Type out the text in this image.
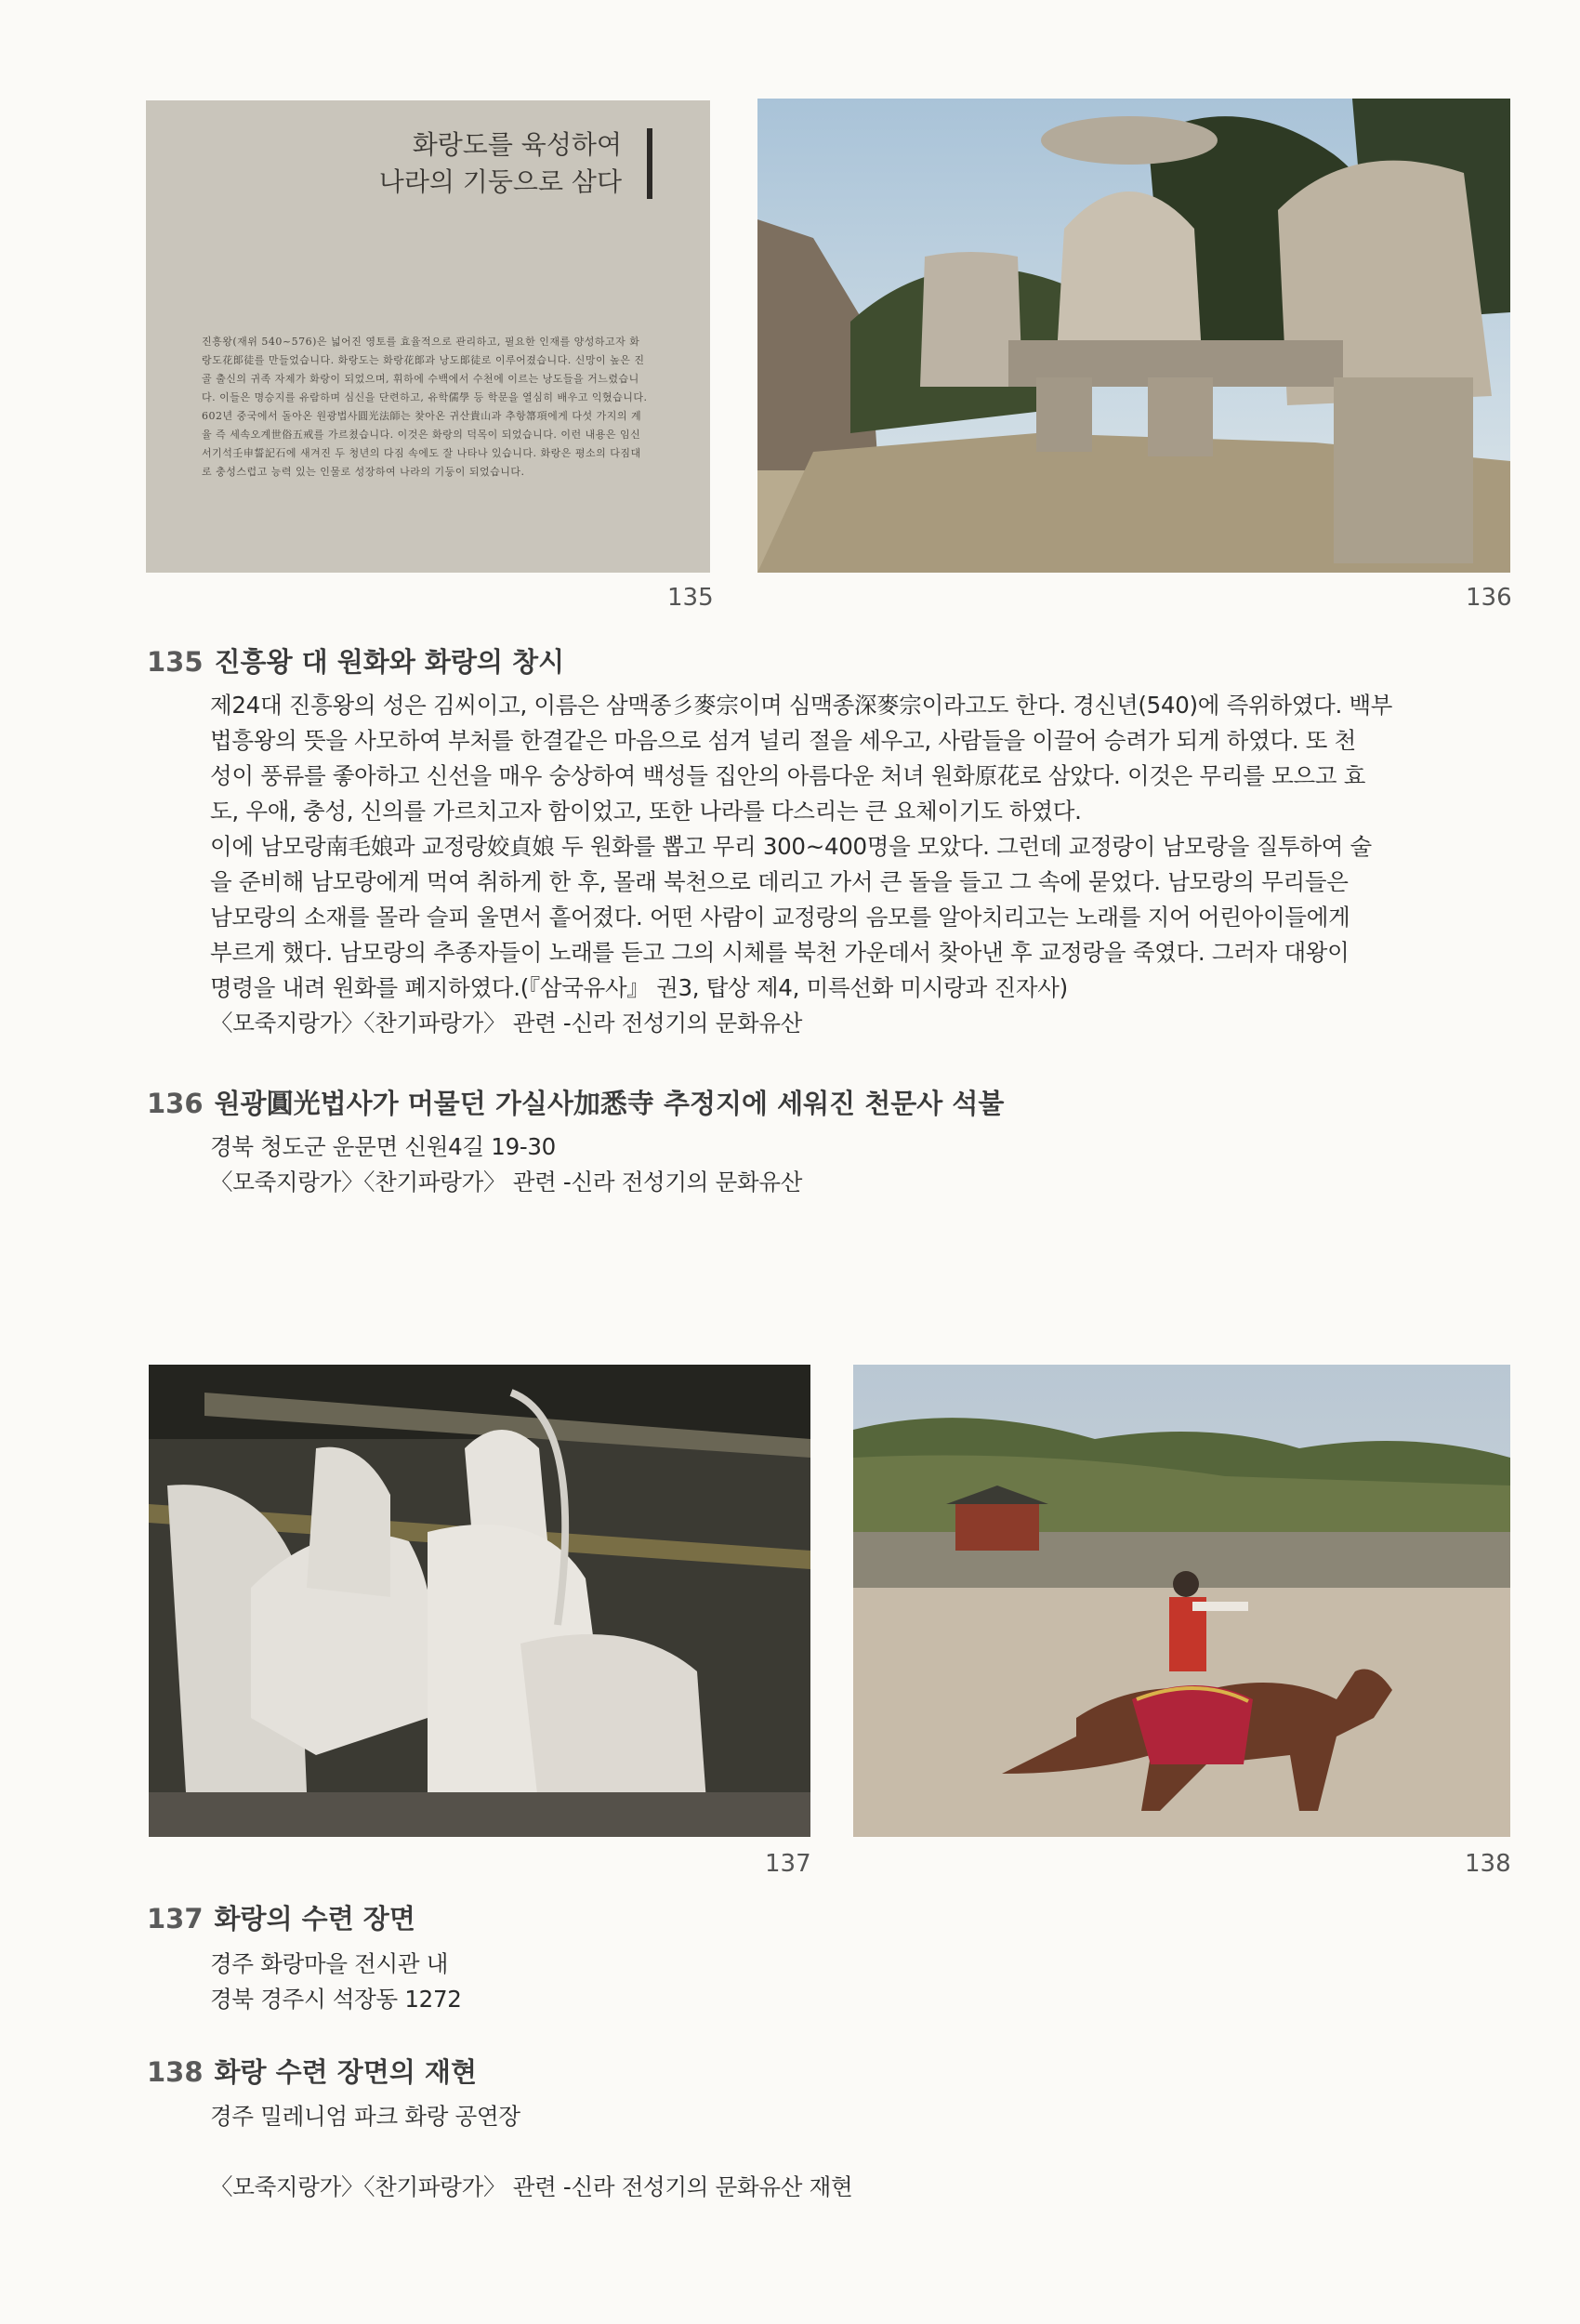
화랑도를 육성하여
나라의 기둥으로 삼다
진흥왕(재위 540~576)은 넓어진 영토를 효율적으로 관리하고, 필요한 인재를 양성하고자 화랑도花郞徒를 만들었습니다. 화랑도는 화랑花郞과 낭도郞徒로 이루어졌습니다. 신망이 높은 진골 출신의 귀족 자제가 화랑이 되었으며, 휘하에 수백에서 수천에 이르는 낭도들을 거느렸습니다. 이들은 명승지를 유람하며 심신을 단련하고, 유학儒學 등 학문을 열심히 배우고 익혔습니다. 602년 중국에서 돌아온 원광법사圓光法師는 찾아온 귀산貴山과 추항箒項에게 다섯 가지의 계율 즉 세속오계世俗五戒를 가르쳤습니다. 이것은 화랑의 덕목이 되었습니다. 이런 내용은 임신서기석壬申誓記石에 새겨진 두 청년의 다짐 속에도 잘 나타나 있습니다. 화랑은 평소의 다짐대로 충성스럽고 능력 있는 인물로 성장하여 나라의 기둥이 되었습니다.
135	136
135 진흥왕 대 원화와 화랑의 창시

제24대 진흥왕의 성은 김씨이고, 이름은 삼맥종彡麥宗이며 심맥종深麥宗이라고도 한다. 경신년(540)에 즉위하였다. 백부

법흥왕의 뜻을 사모하여 부처를 한결같은 마음으로 섬겨 널리 절을 세우고, 사람들을 이끌어 승려가 되게 하였다. 또 천

성이 풍류를 좋아하고 신선을 매우 숭상하여 백성들 집안의 아름다운 처녀 원화原花로 삼았다. 이것은 무리를 모으고 효

도, 우애, 충성, 신의를 가르치고자 함이었고, 또한 나라를 다스리는 큰 요체이기도 하였다.

이에 남모랑南毛娘과 교정랑姣貞娘 두 원화를 뽑고 무리 300~400명을 모았다. 그런데 교정랑이 남모랑을 질투하여 술

을 준비해 남모랑에게 먹여 취하게 한 후, 몰래 북천으로 데리고 가서 큰 돌을 들고 그 속에 묻었다. 남모랑의 무리들은

남모랑의 소재를 몰라 슬피 울면서 흩어졌다. 어떤 사람이 교정랑의 음모를 알아치리고는 노래를 지어 어린아이들에게

부르게 했다. 남모랑의 추종자들이 노래를 듣고 그의 시체를 북천 가운데서 찾아낸 후 교정랑을 죽였다. 그러자 대왕이

명령을 내려 원화를 폐지하였다.(『삼국유사』 권3, 탑상 제4, 미륵선화 미시랑과 진자사)

〈모죽지랑가〉〈찬기파랑가〉 관련 -신라 전성기의 문화유산

136 원광圓光법사가 머물던 가실사加悉寺 추정지에 세워진 천문사 석불

경북 청도군 운문면 신원4길 19-30

〈모죽지랑가〉〈찬기파랑가〉 관련 -신라 전성기의 문화유산

137	138
137 화랑의 수련 장면

경주 화랑마을 전시관 내

경북 경주시 석장동 1272

138 화랑 수련 장면의 재현

경주 밀레니엄 파크 화랑 공연장

〈모죽지랑가〉〈찬기파랑가〉 관련 -신라 전성기의 문화유산 재현
